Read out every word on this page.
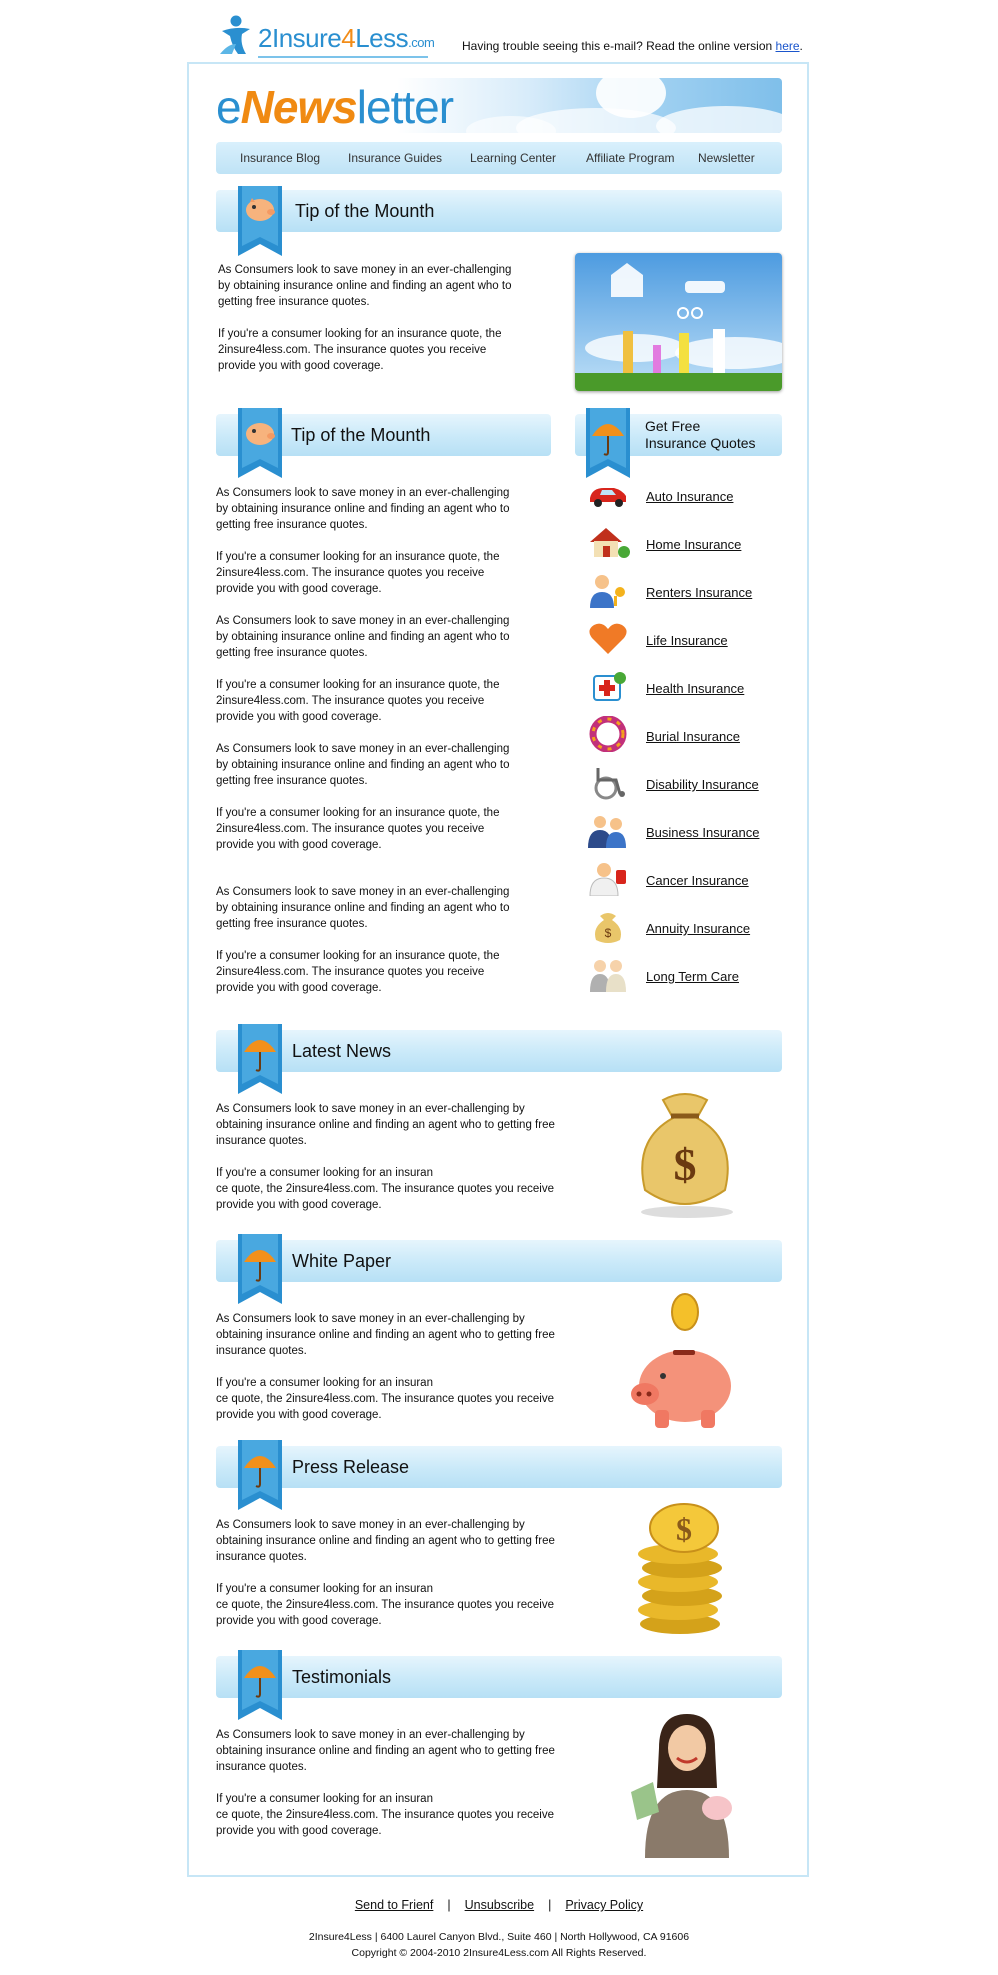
2Insure4Less.com Having trouble seeing this e-mail? Read the online version here.
eNewsletter
Insurance Blog Insurance Guides Learning Center Affiliate Program Newsletter
Tip of the Mounth
As Consumers look to save money in an ever-challenging
by obtaining insurance online and finding an agent who to
getting free insurance quotes.
If you're a consumer looking for an insurance quote, the
2insure4less.com. The insurance quotes you receive
provide you with good coverage.
Tip of the Mounth
As Consumers look to save money in an ever-challenging
by obtaining insurance online and finding an agent who to
getting free insurance quotes.
If you're a consumer looking for an insurance quote, the
2insure4less.com. The insurance quotes you receive
provide you with good coverage.
As Consumers look to save money in an ever-challenging
by obtaining insurance online and finding an agent who to
getting free insurance quotes.
If you're a consumer looking for an insurance quote, the
2insure4less.com. The insurance quotes you receive
provide you with good coverage.
As Consumers look to save money in an ever-challenging
by obtaining insurance online and finding an agent who to
getting free insurance quotes.
If you're a consumer looking for an insurance quote, the
2insure4less.com. The insurance quotes you receive
provide you with good coverage.
As Consumers look to save money in an ever-challenging
by obtaining insurance online and finding an agent who to
getting free insurance quotes.
If you're a consumer looking for an insurance quote, the
2insure4less.com. The insurance quotes you receive
provide you with good coverage.
Get Free
Insurance Quotes
Auto Insurance
Home Insurance
Renters Insurance
Life Insurance
Health Insurance
Burial Insurance
Disability Insurance
Business Insurance
Cancer Insurance
$	Annuity Insurance
Long Term Care
Latest News
As Consumers look to save money in an ever-challenging by
obtaining insurance online and finding an agent who to getting free
insurance quotes.
If you're a consumer looking for an insuran
ce quote, the 2insure4less.com. The insurance quotes you receive
provide you with good coverage.
$
White Paper
As Consumers look to save money in an ever-challenging by
obtaining insurance online and finding an agent who to getting free
insurance quotes.
If you're a consumer looking for an insuran
ce quote, the 2insure4less.com. The insurance quotes you receive
provide you with good coverage.
Press Release
As Consumers look to save money in an ever-challenging by
obtaining insurance online and finding an agent who to getting free
insurance quotes.
If you're a consumer looking for an insuran
ce quote, the 2insure4less.com. The insurance quotes you receive
provide you with good coverage.
$
Testimonials
As Consumers look to save money in an ever-challenging by
obtaining insurance online and finding an agent who to getting free
insurance quotes.
If you're a consumer looking for an insuran
ce quote, the 2insure4less.com. The insurance quotes you receive
provide you with good coverage.
Send to Frienf | Unsubscribe | Privacy Policy
2Insure4Less | 6400 Laurel Canyon Blvd., Suite 460 | North Hollywood, CA 91606
Copyright © 2004-2010 2Insure4Less.com All Rights Reserved.
